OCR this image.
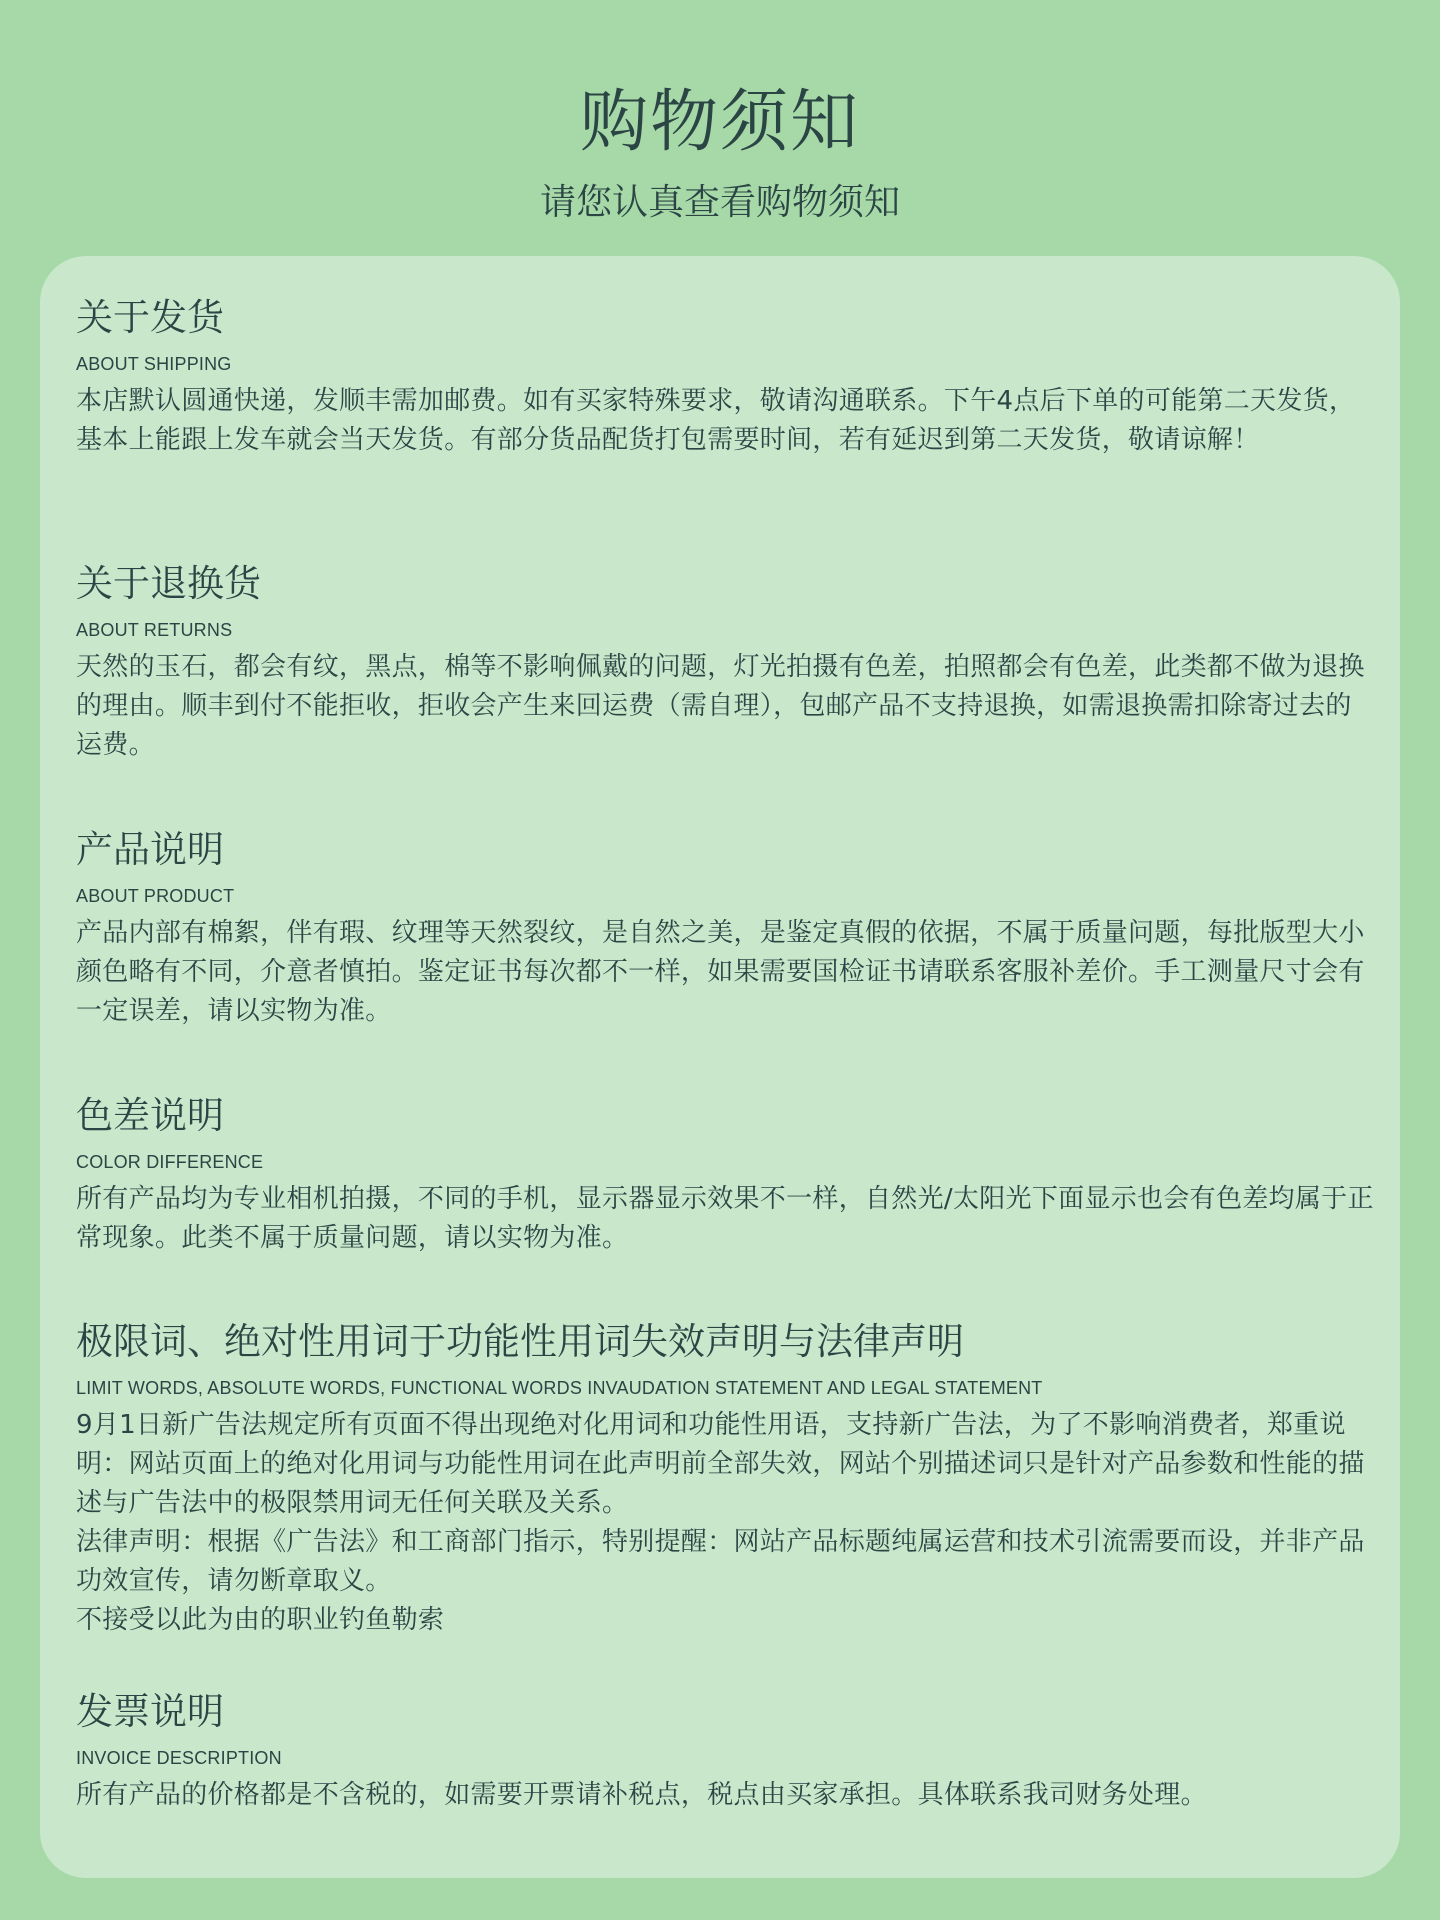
购物须知
请您认真查看购物须知
关于发货
ABOUT SHIPPING
本店默认圆通快递，发顺丰需加邮费。如有买家特殊要求，敬请沟通联系。下午4点后下单的可能第二天发货，基本上能跟上发车就会当天发货。有部分货品配货打包需要时间，若有延迟到第二天发货，敬请谅解！
关于退换货
ABOUT RETURNS
天然的玉石，都会有纹，黑点，棉等不影响佩戴的问题，灯光拍摄有色差，拍照都会有色差，此类都不做为退换的理由。顺丰到付不能拒收，拒收会产生来回运费（需自理），包邮产品不支持退换，如需退换需扣除寄过去的运费。
产品说明
ABOUT PRODUCT
产品内部有棉絮，伴有瑕、纹理等天然裂纹，是自然之美，是鉴定真假的依据，不属于质量问题，每批版型大小颜色略有不同，介意者慎拍。鉴定证书每次都不一样，如果需要国检证书请联系客服补差价。手工测量尺寸会有一定误差，请以实物为准。
色差说明
COLOR DIFFERENCE
所有产品均为专业相机拍摄，不同的手机，显示器显示效果不一样，自然光/太阳光下面显示也会有色差均属于正常现象。此类不属于质量问题，请以实物为准。
极限词、绝对性用词于功能性用词失效声明与法律声明
LIMIT WORDS, ABSOLUTE WORDS, FUNCTIONAL WORDS INVAUDATION STATEMENT AND LEGAL STATEMENT
9月1日新广告法规定所有页面不得出现绝对化用词和功能性用语，支持新广告法，为了不影响消费者，郑重说明：网站页面上的绝对化用词与功能性用词在此声明前全部失效，网站个别描述词只是针对产品参数和性能的描述与广告法中的极限禁用词无任何关联及关系。
法律声明：根据《广告法》和工商部门指示，特别提醒：网站产品标题纯属运营和技术引流需要而设，并非产品功效宣传，请勿断章取义。
不接受以此为由的职业钓鱼勒索
发票说明
INVOICE DESCRIPTION
所有产品的价格都是不含税的，如需要开票请补税点，税点由买家承担。具体联系我司财务处理。
